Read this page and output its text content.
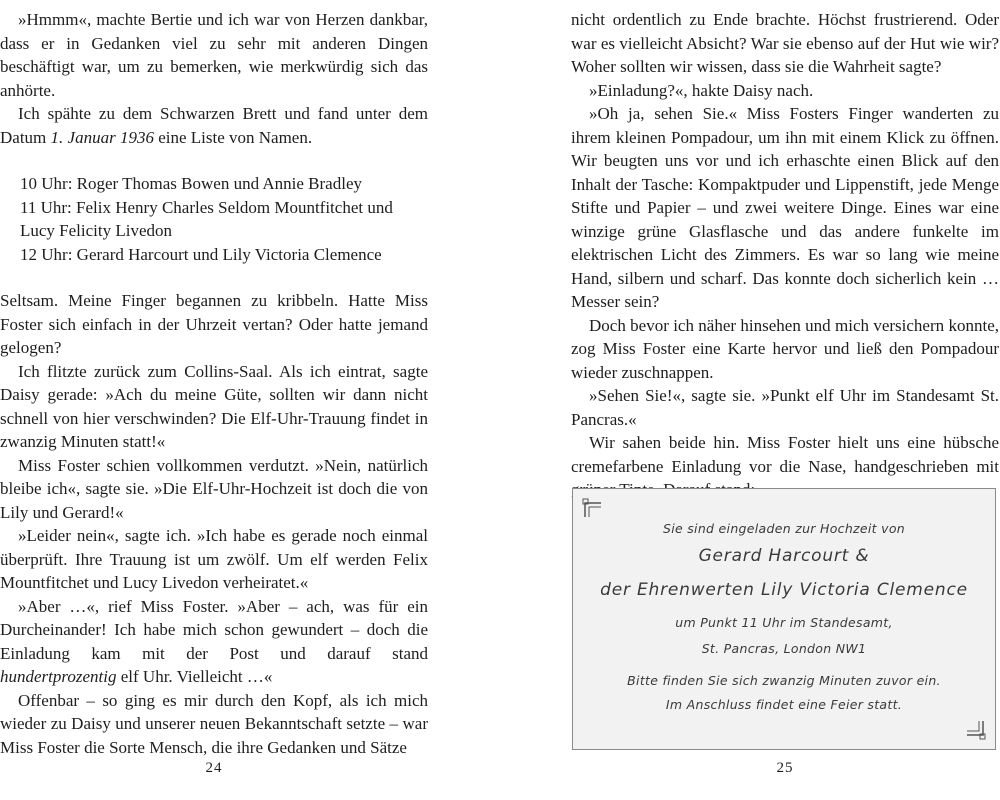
»Hmmm«, machte Bertie und ich war von Herzen dankbar, dass er in Gedanken viel zu sehr mit anderen Dingen beschäftigt war, um zu bemerken, wie merkwürdig sich das anhörte.

Ich spähte zu dem Schwarzen Brett und fand unter dem Datum 1. Januar 1936 eine Liste von Namen.

10 Uhr: Roger Thomas Bowen und Annie Bradley
11 Uhr: Felix Henry Charles Seldom Mountfitchet und
Lucy Felicity Livedon
12 Uhr: Gerard Harcourt und Lily Victoria Clemence

Seltsam. Meine Finger begannen zu kribbeln. Hatte Miss Foster sich einfach in der Uhrzeit vertan? Oder hatte jemand gelogen?

Ich flitzte zurück zum Collins-Saal. Als ich eintrat, sagte Daisy gerade: »Ach du meine Güte, sollten wir dann nicht schnell von hier verschwinden? Die Elf-Uhr-Trauung findet in zwanzig Minuten statt!«

Miss Foster schien vollkommen verdutzt. »Nein, natürlich bleibe ich«, sagte sie. »Die Elf-Uhr-Hochzeit ist doch die von Lily und Gerard!«

»Leider nein«, sagte ich. »Ich habe es gerade noch einmal überprüft. Ihre Trauung ist um zwölf. Um elf werden Felix Mountfitchet und Lucy Livedon verheiratet.«

»Aber …«, rief Miss Foster. »Aber – ach, was für ein Durcheinander! Ich habe mich schon gewundert – doch die Einladung kam mit der Post und darauf stand hundertprozentig elf Uhr. Vielleicht …«

Offenbar – so ging es mir durch den Kopf, als ich mich wieder zu Daisy und unserer neuen Bekanntschaft setzte – war Miss Foster die Sorte Mensch, die ihre Gedanken und Sätze

24

nicht ordentlich zu Ende brachte. Höchst frustrierend. Oder war es vielleicht Absicht? War sie ebenso auf der Hut wie wir? Woher sollten wir wissen, dass sie die Wahrheit sagte?

»Einladung?«, hakte Daisy nach.

»Oh ja, sehen Sie.« Miss Fosters Finger wanderten zu ihrem kleinen Pompadour, um ihn mit einem Klick zu öffnen. Wir beugten uns vor und ich erhaschte einen Blick auf den Inhalt der Tasche: Kompaktpuder und Lippenstift, jede Menge Stifte und Papier – und zwei weitere Dinge. Eines war eine winzige grüne Glasflasche und das andere funkelte im elektrischen Licht des Zimmers. Es war so lang wie meine Hand, silbern und scharf. Das konnte doch sicherlich kein … Messer sein?

Doch bevor ich näher hinsehen und mich versichern konnte, zog Miss Foster eine Karte hervor und ließ den Pompadour wieder zuschnappen.

»Sehen Sie!«, sagte sie. »Punkt elf Uhr im Standesamt St. Pancras.«

Wir sahen beide hin. Miss Foster hielt uns eine hübsche cremefarbene Einladung vor die Nase, handgeschrieben mit

25
Sie sind eingeladen zur Hochzeit von
Gerard Harcourt &
der Ehrenwerten Lily Victoria Clemence
um Punkt 11 Uhr im Standesamt,
St. Pancras, London NW1
Bitte finden Sie sich zwanzig Minuten zuvor ein.
Im Anschluss findet eine Feier statt.
